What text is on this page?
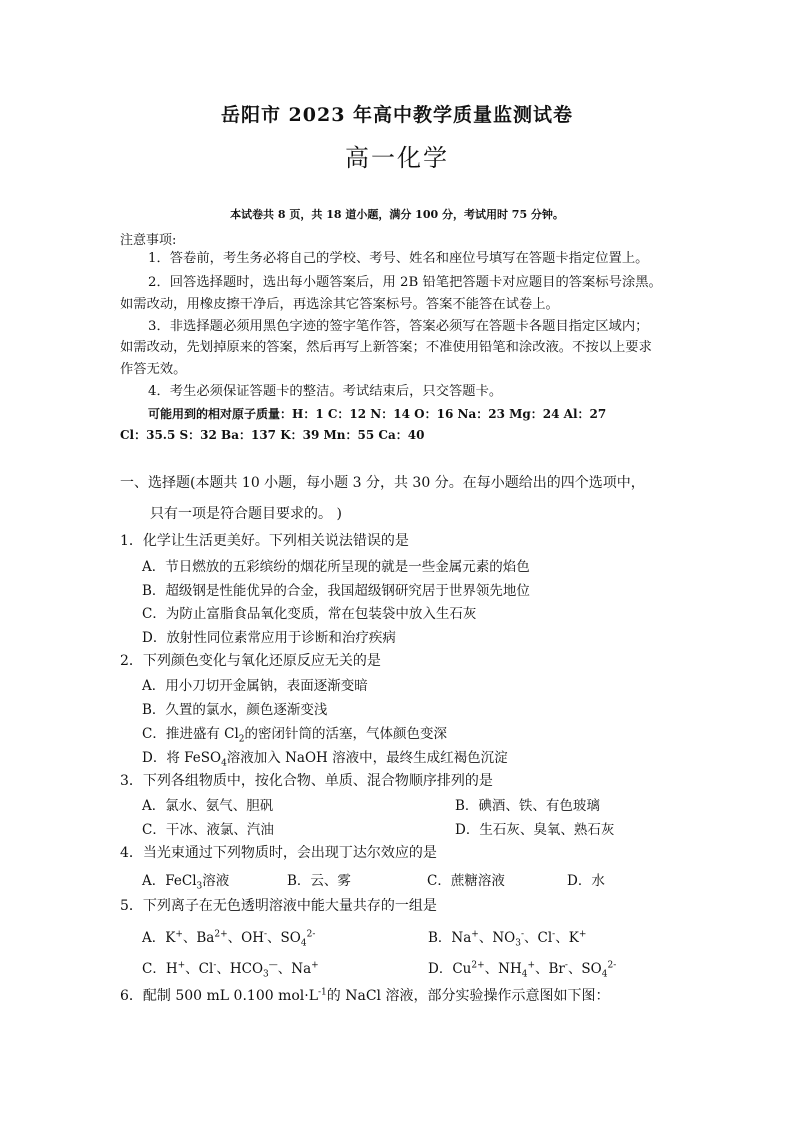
岳阳市 2023 年高中教学质量监测试卷
高一化学
本试卷共 8 页，共 18 道小题，满分 100 分，考试用时 75 分钟。
注意事项:
1．答卷前，考生务必将自己的学校、考号、姓名和座位号填写在答题卡指定位置上。
2．回答选择题时，选出每小题答案后，用 2B 铅笔把答题卡对应题目的答案标号涂黑。
如需改动，用橡皮擦干净后，再选涂其它答案标号。答案不能答在试卷上。
3．非选择题必须用黑色字迹的签字笔作答，答案必须写在答题卡各题目指定区域内；
如需改动，先划掉原来的答案，然后再写上新答案；不准使用铅笔和涂改液。不按以上要求
作答无效。
4．考生必须保证答题卡的整洁。考试结束后，只交答题卡。
可能用到的相对原子质量：H：1 C：12 N：14 O：16 Na：23 Mg：24 Al：27
Cl：35.5 S：32 Ba：137 K：39 Mn：55 Ca：40
一、选择题(本题共 10 小题，每小题 3 分，共 30 分。在每小题给出的四个选项中，
只有一项是符合题目要求的。 )
1．化学让生活更美好。下列相关说法错误的是
A．节日燃放的五彩缤纷的烟花所呈现的就是一些金属元素的焰色
B．超级钢是性能优异的合金，我国超级钢研究居于世界领先地位
C．为防止富脂食品氧化变质，常在包装袋中放入生石灰
D．放射性同位素常应用于诊断和治疗疾病
2．下列颜色变化与氧化还原反应无关的是
A．用小刀切开金属钠，表面逐渐变暗
B．久置的氯水，颜色逐渐变浅
C．推进盛有 $Cl_2$的密闭针筒的活塞，气体颜色变深
D．将 FeSO$_4$溶液加入 NaOH 溶液中，最终生成红褐色沉淀
3．下列各组物质中，按化合物、单质、混合物顺序排列的是
A．氯水、氨气、胆矾	B．碘酒、铁、有色玻璃
C．干冰、液氯、汽油	D．生石灰、臭氧、熟石灰
4．当光束通过下列物质时，会出现丁达尔效应的是
A．FeCl$_3$溶液	B．云、雾	C．蔗糖溶液	D．水
5．下列离子在无色透明溶液中能大量共存的一组是
A．K+、$Ba^{2+}$、OH-、$SO_4^{2-}$	B．Na+、$NO_3^-$、Cl-、K+
C．H+、Cl-、$HCO_3^—$、Na+	D．$Cu^{2+}$、$NH_4^+$、Br-、$SO_4^{2-}$
6．配制 500 mL 0.100 $mol\cdot L^{-1}$的 NaCl 溶液，部分实验操作示意图如下图：
